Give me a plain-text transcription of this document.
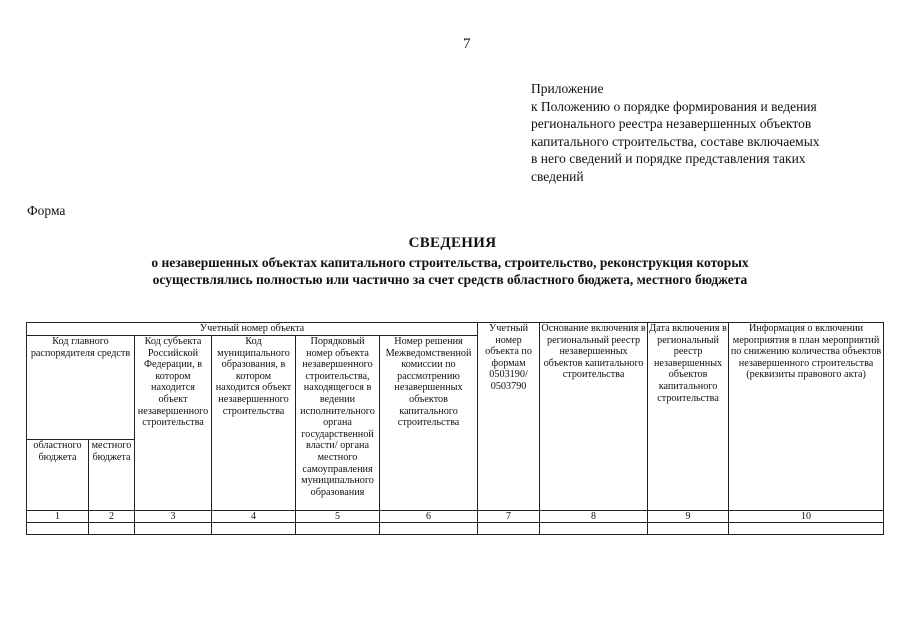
7
Приложение
к Положению о порядке формирования и ведения
регионального реестра незавершенных объектов
капитального строительства, составе включаемых
в него сведений и порядке представления таких
сведений
Форма
СВЕДЕНИЯ
о незавершенных объектах капитального строительства, строительство, реконструкция которых
осуществлялись полностью или частично за счет средств областного бюджета, местного бюджета
Учетный номер объекта						Учетный номер объекта по формам 0503190/ 0503790	Основание включения в региональный реестр незавершенных объектов капитального строительства	Дата включения в региональный реестр незавершенных объектов капитального строительства	Информация о включении мероприятия в план мероприятий по снижению количества объектов незавершенного строительства (реквизиты правового акта)
Код главного распорядителя средств		Код субъекта Российской Федерации, в котором находится объект незавершенного строительства	Код муниципального образования, в котором находится объект незавершенного строительства	Порядковый номер объекта незавершенного строительства, находящегося в ведении исполнительного органа государственной власти/ органа местного самоуправления муниципального образования	Номер решения Межведомственной комиссии по рассмотрению незавершенных объектов капитального строительства				
областного бюджета	местного бюджета								
1	2	3	4	5	6	7	8	9	10
